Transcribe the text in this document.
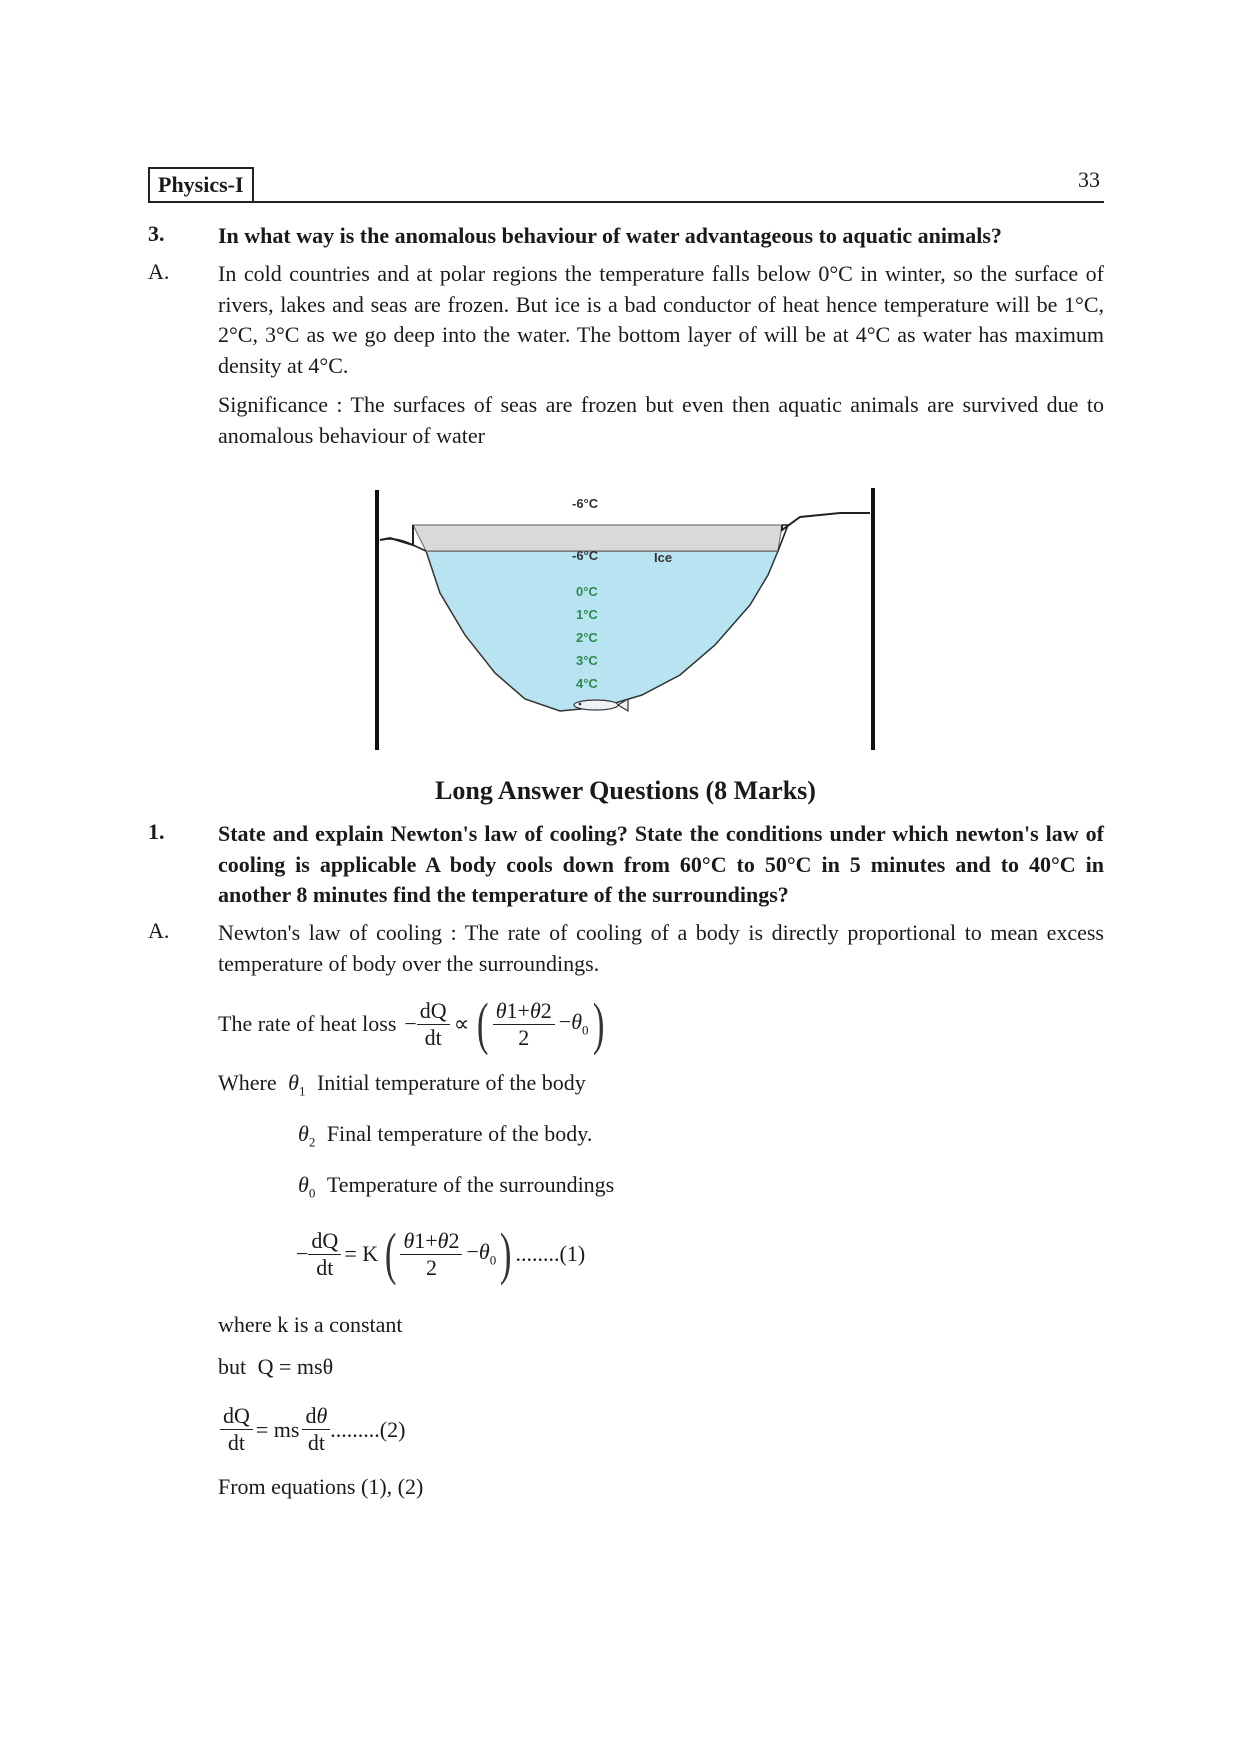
Physics-I	33
3. In what way is the anomalous behaviour of water advantageous to aquatic animals?
A. In cold countries and at polar regions the temperature falls below 0°C in winter, so the surface of rivers, lakes and seas are frozen. But ice is a bad conductor of heat hence temperature will be 1°C, 2°C, 3°C as we go deep into the water. The bottom layer of will be at 4°C as water has maximum density at 4°C.
Significance : The surfaces of seas are frozen but even then aquatic animals are survived due to anomalous behaviour of water
-6°C
-6°C	Ice
0°C
1°C
2°C
3°C
4°C
Long Answer Questions (8 Marks)
1. State and explain Newton's law of cooling? State the conditions under which newton's law of cooling is applicable A body cools down from 60°C to 50°C in 5 minutes and to 40°C in another 8 minutes find the temperature of the surroundings?
A. Newton's law of cooling : The rate of cooling of a body is directly proportional to mean excess temperature of body over the surroundings.
The rate of heat loss − $\frac{dQ}{dt}$ ∝ ( $\frac{\theta 1+\theta 2}{2} -\theta_0$ )
Where $\theta_1$ Initial temperature of the body
$\theta_2$ Final temperature of the body.
$\theta_0$ Temperature of the surroundings
− $\frac{dQ}{dt} = K$ ( $\frac{\theta 1+\theta 2}{2} -\theta_0$ ) ........(1)
where k is a constant
but Q = msθ
$\frac{dQ}{dt}$ = ms $\frac{d\theta}{dt} .........(2)$
From equations (1), (2)
